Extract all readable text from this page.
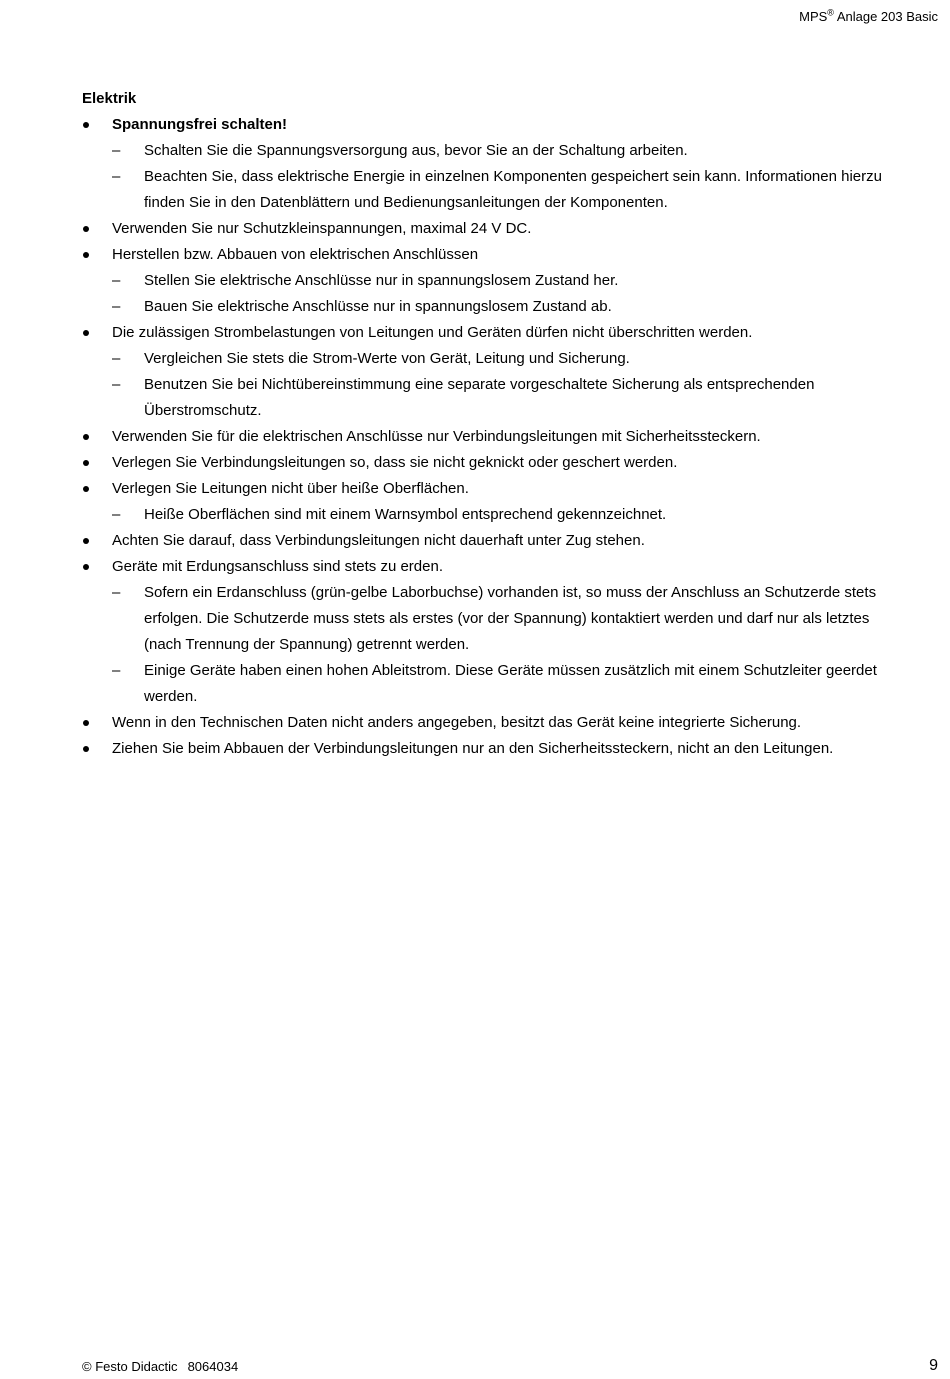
MPS® Anlage 203 Basic

Elektrik

Spannungsfrei schalten!
–	Schalten Sie die Spannungsversorgung aus, bevor Sie an der Schaltung arbeiten.
–	Beachten Sie, dass elektrische Energie in einzelnen Komponenten gespeichert sein kann. Informationen hierzu finden Sie in den Datenblättern und Bedienungsanleitungen der Komponenten.
Verwenden Sie nur Schutzkleinspannungen, maximal 24 V DC.
Herstellen bzw. Abbauen von elektrischen Anschlüssen
–	Stellen Sie elektrische Anschlüsse nur in spannungslosem Zustand her.
–	Bauen Sie elektrische Anschlüsse nur in spannungslosem Zustand ab.
Die zulässigen Strombelastungen von Leitungen und Geräten dürfen nicht überschritten werden.
–	Vergleichen Sie stets die Strom-Werte von Gerät, Leitung und Sicherung.
–	Benutzen Sie bei Nichtübereinstimmung eine separate vorgeschaltete Sicherung als entsprechenden Überstromschutz.
Verwenden Sie für die elektrischen Anschlüsse nur Verbindungsleitungen mit Sicherheitssteckern.
Verlegen Sie Verbindungsleitungen so, dass sie nicht geknickt oder geschert werden.
Verlegen Sie Leitungen nicht über heiße Oberflächen.
–	Heiße Oberflächen sind mit einem Warnsymbol entsprechend gekennzeichnet.
Achten Sie darauf, dass Verbindungsleitungen nicht dauerhaft unter Zug stehen.
Geräte mit Erdungsanschluss sind stets zu erden.
–	Sofern ein Erdanschluss (grün-gelbe Laborbuchse) vorhanden ist, so muss der Anschluss an Schutzerde stets erfolgen. Die Schutzerde muss stets als erstes (vor der Spannung) kontaktiert werden und darf nur als letztes (nach Trennung der Spannung) getrennt werden.
–	Einige Geräte haben einen hohen Ableitstrom. Diese Geräte müssen zusätzlich mit einem Schutzleiter geerdet werden.
Wenn in den Technischen Daten nicht anders angegeben, besitzt das Gerät keine integrierte Sicherung.
Ziehen Sie beim Abbauen der Verbindungsleitungen nur an den Sicherheitssteckern, nicht an den Leitungen.
© Festo Didactic 8064034	9
